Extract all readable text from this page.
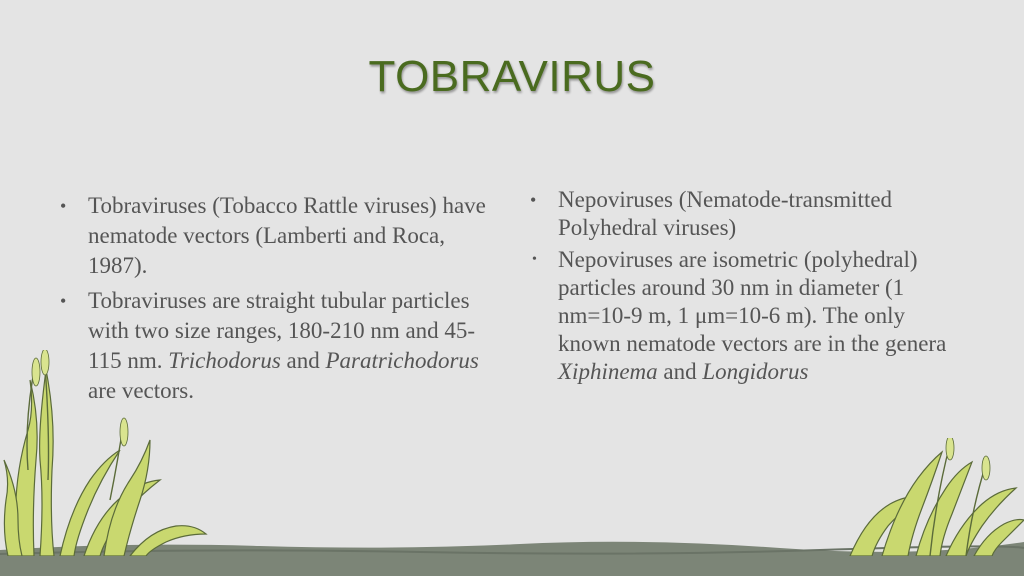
TOBRAVIRUS
• Tobraviruses (Tobacco Rattle viruses) have nematode vectors (Lamberti and Roca, 1987).
• Tobraviruses are straight tubular particles with two size ranges, 180-210 nm and 45-115 nm. Trichodorus and Paratrichodorus are vectors.
• Nepoviruses (Nematode-transmitted Polyhedral viruses)
• Nepoviruses are isometric (polyhedral) particles around 30 nm in diameter (1 nm=10-9 m, 1 μm=10-6 m). The only known nematode vectors are in the genera Xiphinema and Longidorus
